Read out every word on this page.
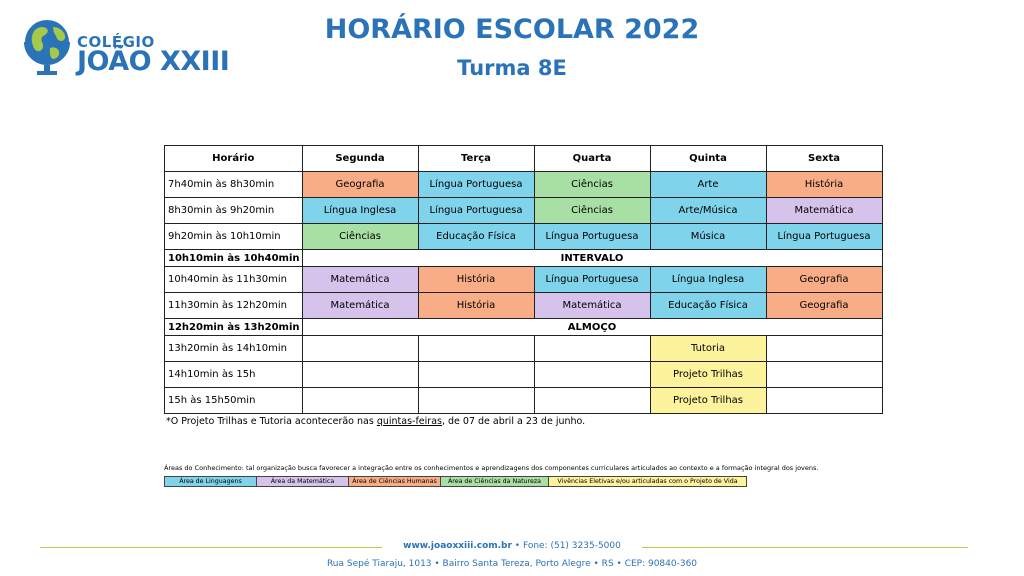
COLÉGIO
JOÃO XXIII
HORÁRIO ESCOLAR 2022
Turma 8E
Horário	Segunda	Terça	Quarta	Quinta	Sexta
7h40min às 8h30min	Geografia	Língua Portuguesa	Ciências	Arte	História
8h30min às 9h20min	Língua Inglesa	Língua Portuguesa	Ciências	Arte/Música	Matemática
9h20min às 10h10min	Ciências	Educação Física	Língua Portuguesa	Música	Língua Portuguesa
10h10min às 10h40min	INTERVALO				
10h40min às 11h30min	Matemática	História	Língua Portuguesa	Língua Inglesa	Geografia
11h30min às 12h20min	Matemática	História	Matemática	Educação Física	Geografia
12h20min às 13h20min	ALMOÇO				
13h20min às 14h10min				Tutoria	
14h10min às 15h				Projeto Trilhas	
15h às 15h50min				Projeto Trilhas	
*O Projeto Trilhas e Tutoria acontecerão nas quintas-feiras, de 07 de abril a 23 de junho.
Áreas do Conhecimento: tal organização busca favorecer a integração entre os conhecimentos e aprendizagens dos componentes curriculares articulados ao contexto e a formação integral dos jovens.
Área de Linguagens	Área da Matemática	Área de Ciências Humanas	Área de Ciências da Natureza	Vivências Eletivas e/ou articuladas com o Projeto de Vida
www.joaoxxiii.com.br • Fone: (51) 3235-5000
Rua Sepé Tiaraju, 1013 • Bairro Santa Tereza, Porto Alegre • RS • CEP: 90840-360
